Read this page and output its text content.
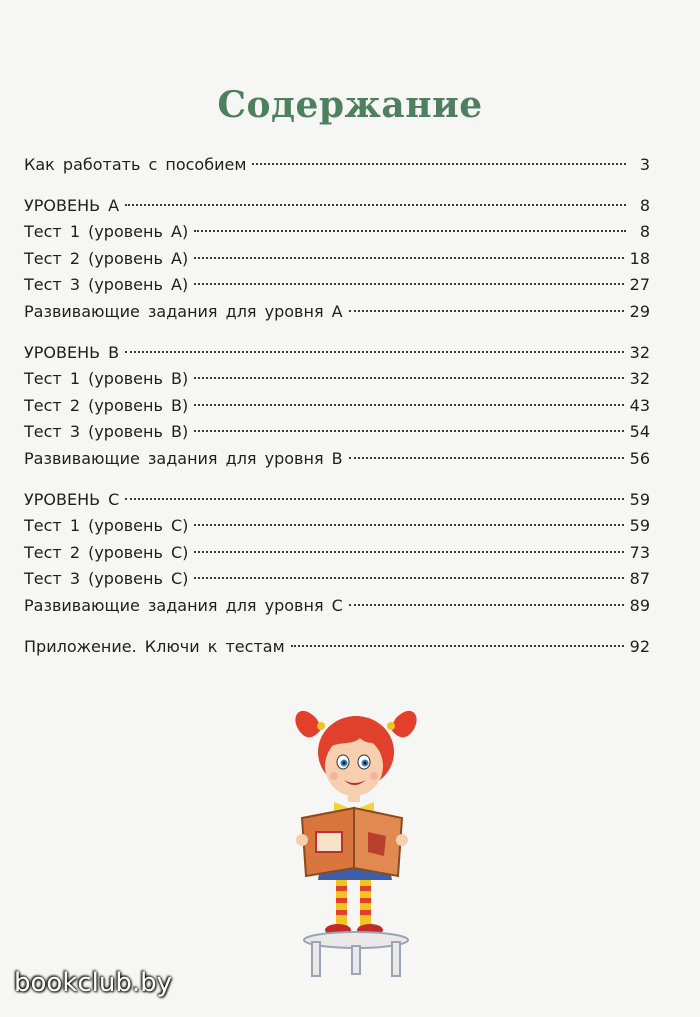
Содержание
Как работать с пособием	3
УРОВЕНЬ А	8
Тест 1 (уровень А)	8
Тест 2 (уровень А)	18
Тест 3 (уровень А)	27
Развивающие задания для уровня А	29
УРОВЕНЬ В	32
Тест 1 (уровень В)	32
Тест 2 (уровень В)	43
Тест 3 (уровень В)	54
Развивающие задания для уровня В	56
УРОВЕНЬ С	59
Тест 1 (уровень С)	59
Тест 2 (уровень С)	73
Тест 3 (уровень С)	87
Развивающие задания для уровня С	89
Приложение. Ключи к тестам	92
bookclub.by
